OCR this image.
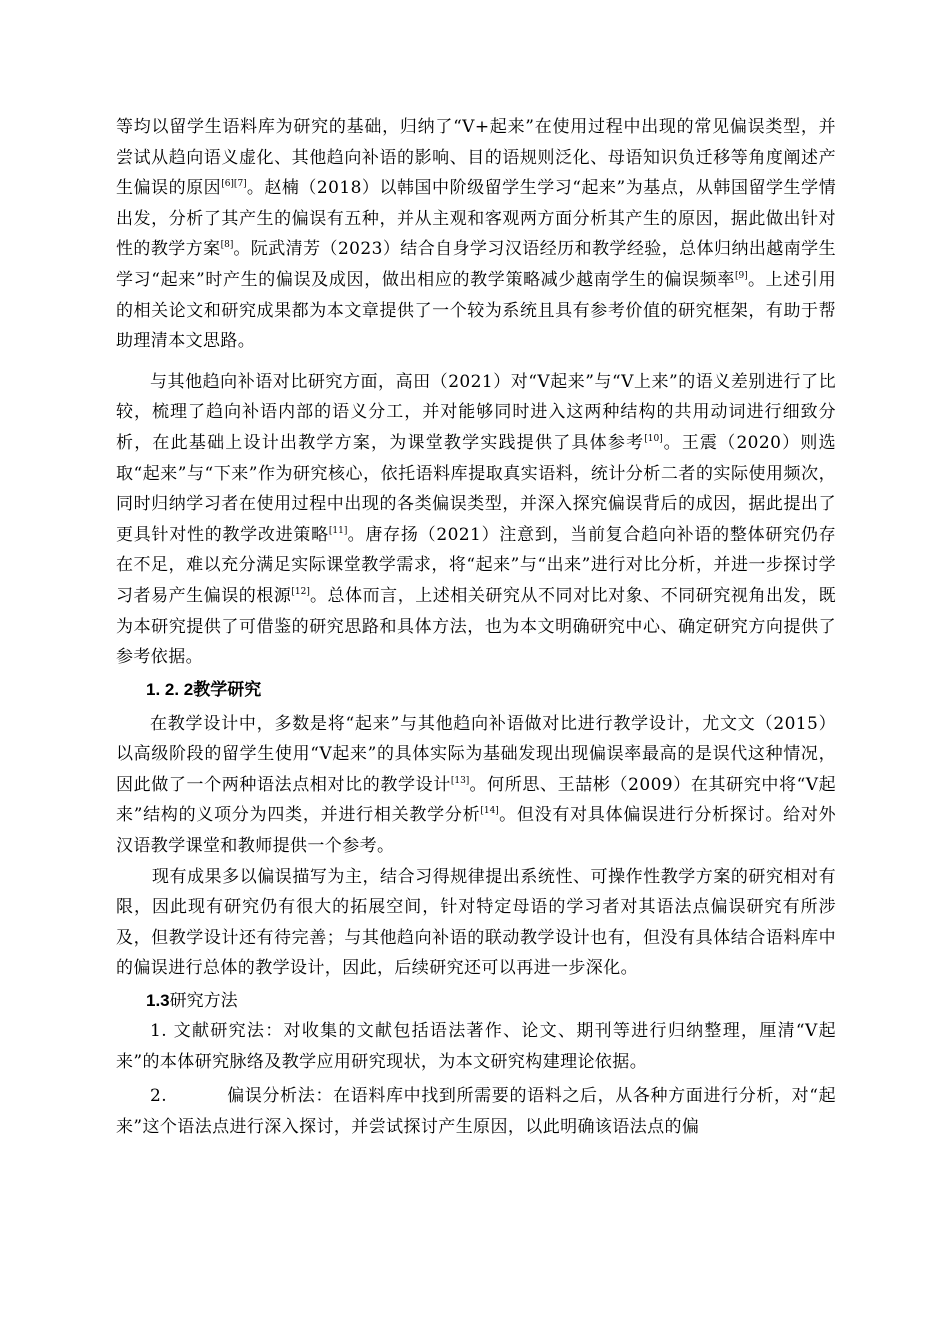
等均以留学生语料库为研究的基础，归纳了“V+起来”在使用过程中出现的常见偏误类型，并尝试从趋向语义虚化、其他趋向补语的影响、目的语规则泛化、母语知识负迁移等角度阐述产生偏误的原因[6][7]。赵楠（2018）以韩国中阶级留学生学习“起来”为基点，从韩国留学生学情出发，分析了其产生的偏误有五种，并从主观和客观两方面分析其产生的原因，据此做出针对性的教学方案[8]。阮武清芳（2023）结合自身学习汉语经历和教学经验，总体归纳出越南学生学习“起来”时产生的偏误及成因，做出相应的教学策略减少越南学生的偏误频率[9]。上述引用的相关论文和研究成果都为本文章提供了一个较为系统且具有参考价值的研究框架，有助于帮助理清本文思路。

与其他趋向补语对比研究方面，高田（2021）对“V起来”与“V上来”的语义差别进行了比较，梳理了趋向补语内部的语义分工，并对能够同时进入这两种结构的共用动词进行细致分析，在此基础上设计出教学方案，为课堂教学实践提供了具体参考[10]。王震（2020）则选取“起来”与“下来”作为研究核心，依托语料库提取真实语料，统计分析二者的实际使用频次，同时归纳学习者在使用过程中出现的各类偏误类型，并深入探究偏误背后的成因，据此提出了更具针对性的教学改进策略[11]。唐存扬（2021）注意到，当前复合趋向补语的整体研究仍存在不足，难以充分满足实际课堂教学需求，将“起来”与“出来”进行对比分析，并进一步探讨学习者易产生偏误的根源[12]。总体而言，上述相关研究从不同对比对象、不同研究视角出发，既为本研究提供了可借鉴的研究思路和具体方法，也为本文明确研究中心、确定研究方向提供了参考依据。

1. 2. 2教学研究

在教学设计中，多数是将“起来”与其他趋向补语做对比进行教学设计，尤文文（2015）以高级阶段的留学生使用“V起来”的具体实际为基础发现出现偏误率最高的是误代这种情况，因此做了一个两种语法点相对比的教学设计[13]。何所思、王喆彬（2009）在其研究中将“V起来”结构的义项分为四类，并进行相关教学分析[14]。但没有对具体偏误进行分析探讨。给对外汉语教学课堂和教师提供一个参考。

现有成果多以偏误描写为主，结合习得规律提出系统性、可操作性教学方案的研究相对有限，因此现有研究仍有很大的拓展空间，针对特定母语的学习者对其语法点偏误研究有所涉及，但教学设计还有待完善；与其他趋向补语的联动教学设计也有，但没有具体结合语料库中的偏误进行总体的教学设计，因此，后续研究还可以再进一步深化。

1.3研究方法

1. 文献研究法：对收集的文献包括语法著作、论文、期刊等进行归纳整理，厘清“V起来”的本体研究脉络及教学应用研究现状，为本文研究构建理论依据。

2.	偏误分析法：在语料库中找到所需要的语料之后，从各种方面进行分析，对“起来”这个语法点进行深入探讨，并尝试探讨产生原因，以此明确该语法点的偏
